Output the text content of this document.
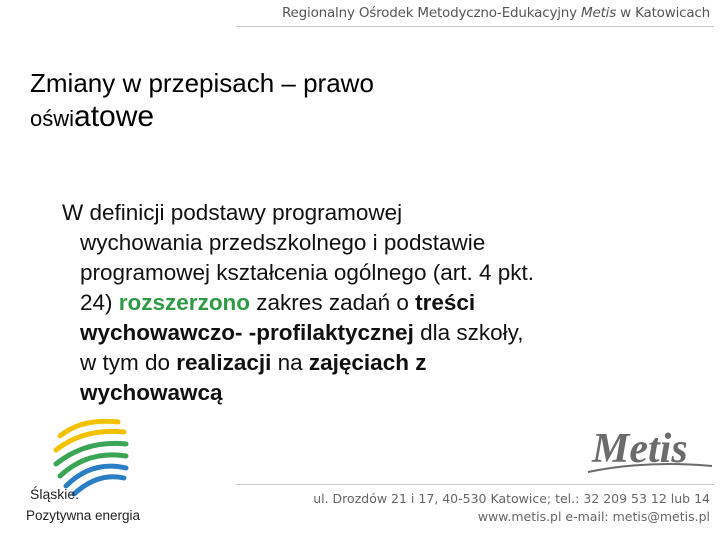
Regionalny Ośrodek Metodyczno-Edukacyjny Metis w Katowicach
Zmiany w przepisach – prawo
oświatowe
W definicji podstawy programowej
wychowania przedszkolnego i podstawie
programowej kształcenia ogólnego (art. 4 pkt.
24) rozszerzono zakres zadań o treści
wychowawczo- -profilaktycznej dla szkoły,
w tym do realizacji na zajęciach z
wychowawcą
Śląskie.
Pozytywna energia
Metis
ul. Drozdów 21 i 17, 40-530 Katowice; tel.: 32 209 53 12 lub 14
www.metis.pl e-mail: metis@metis.pl
